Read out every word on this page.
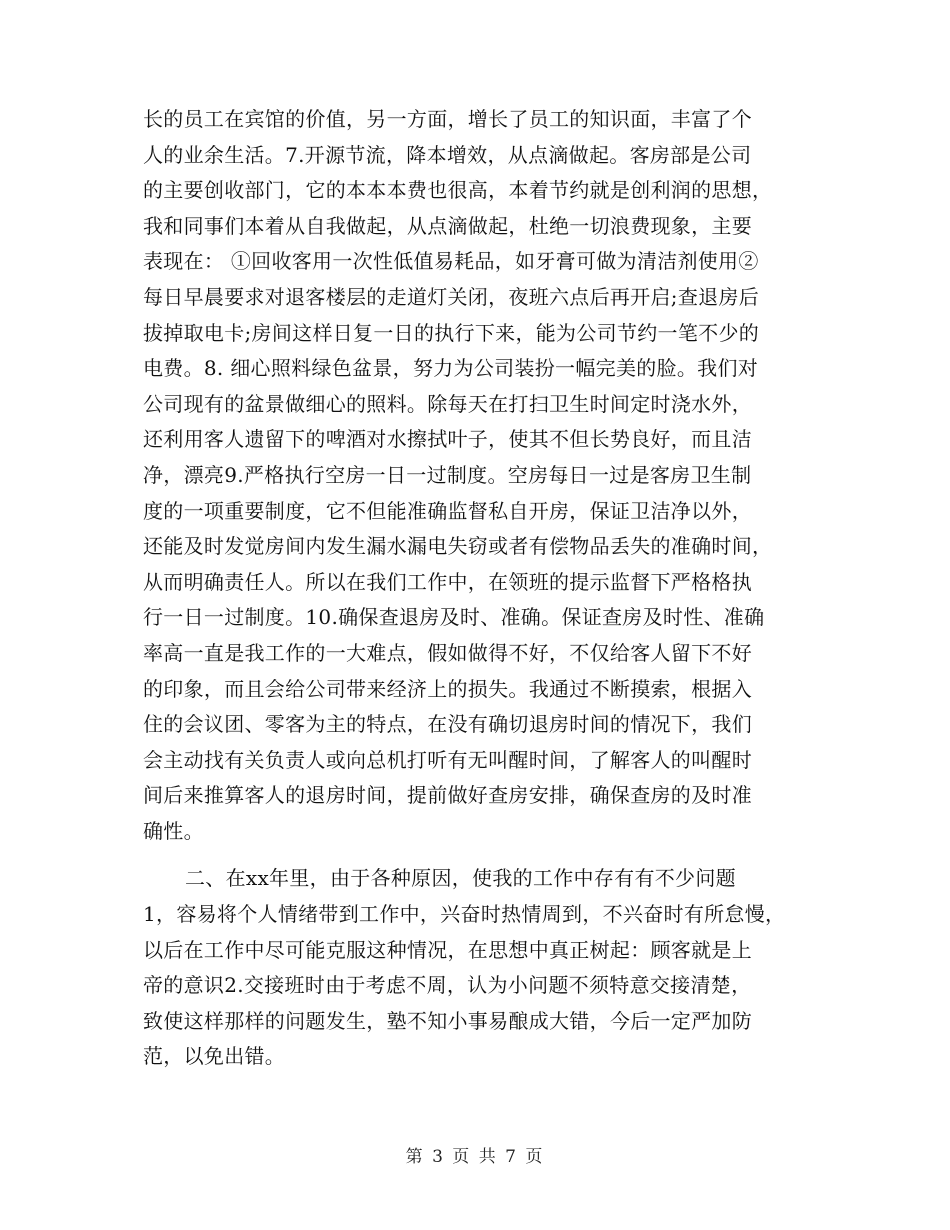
长的员工在宾馆的价值，另一方面，增长了员工的知识面，丰富了个
人的业余生活。7.开源节流，降本增效，从点滴做起。客房部是公司
的主要创收部门，它的本本本费也很高，本着节约就是创利润的思想，
我和同事们本着从自我做起，从点滴做起，杜绝一切浪费现象，主要
表现在： ①回收客用一次性低值易耗品，如牙膏可做为清洁剂使用②
每日早晨要求对退客楼层的走道灯关闭，夜班六点后再开启;查退房后
拔掉取电卡;房间这样日复一日的执行下来，能为公司节约一笔不少的
电费。8. 细心照料绿色盆景，努力为公司装扮一幅完美的脸。我们对
公司现有的盆景做细心的照料。除每天在打扫卫生时间定时浇水外，
还利用客人遗留下的啤酒对水擦拭叶子，使其不但长势良好，而且洁
净，漂亮9.严格执行空房一日一过制度。空房每日一过是客房卫生制
度的一项重要制度，它不但能准确监督私自开房，保证卫洁净以外，
还能及时发觉房间内发生漏水漏电失窃或者有偿物品丢失的准确时间，
从而明确责任人。所以在我们工作中，在领班的提示监督下严格格执
行一日一过制度。10.确保查退房及时、准确。保证查房及时性、准确
率高一直是我工作的一大难点，假如做得不好，不仅给客人留下不好
的印象，而且会给公司带来经济上的损失。我通过不断摸索，根据入
住的会议团、零客为主的特点，在没有确切退房时间的情况下，我们
会主动找有关负责人或向总机打听有无叫醒时间，了解客人的叫醒时
间后来推算客人的退房时间，提前做好查房安排，确保查房的及时准
确性。
二、在xx年里，由于各种原因，使我的工作中存有有不少问题
1，容易将个人情绪带到工作中，兴奋时热情周到，不兴奋时有所怠慢，
以后在工作中尽可能克服这种情况，在思想中真正树起：顾客就是上
帝的意识2.交接班时由于考虑不周，认为小问题不须特意交接清楚，
致使这样那样的问题发生，塾不知小事易酿成大错，今后一定严加防
范，以免出错。
第 3 页 共 7 页
